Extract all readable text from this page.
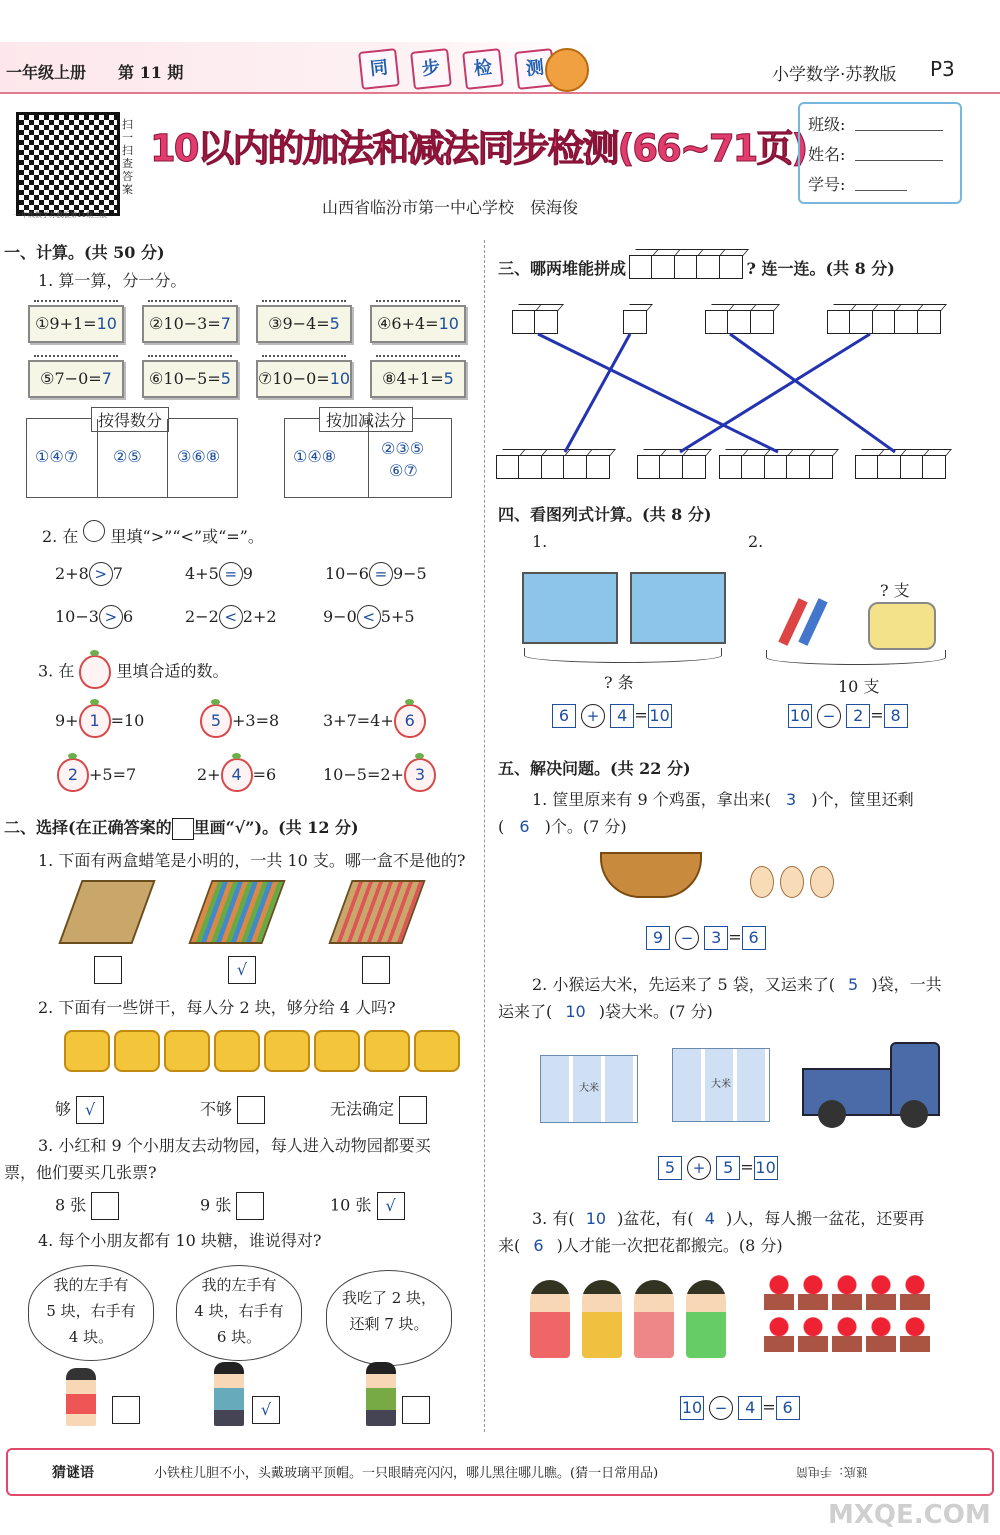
一年级上册 第 11 期	同	步	检	测	小学数学·苏教版 P3
扫
一
扫
查答案
一年级数学苏教版第11期三版
10以内的加法和减法同步检测(66~71页)
山西省临汾市第一中心学校　侯海俊
班级:
姓名:
学号:
一、计算。(共 50 分)
1. 算一算，分一分。
①9+1=10	②10−3=7	③9−4=5	④6+4=10
⑤7−0=7	⑥10−5=5	⑦10−0=10	⑧4+1=5
按得数分
①④⑦ ②⑤ ③⑥⑧
按加减法分
①④⑧	②③⑤
⑥⑦
2. 在 里填“>”“<”或“=”。
2+8 > 7	4+5 = 9	10−6 = 9−5
10−3 > 6	2−2 < 2+2	9−0 < 5+5
3. 在	里填合适的数。
9+ 1 =10	5 +3=8	3+7=4+ 6
2 +5=7	2+ 4 =6	10−5=2+ 3
二、选择(在正确答案的 里画“√”)。(共 12 分)
1. 下面有两盒蜡笔是小明的，一共 10 支。哪一盒不是他的?
√
2. 下面有一些饼干，每人分 2 块，够分给 4 人吗?
够 √	不够	无法确定
3. 小红和 9 个小朋友去动物园，每人进入动物园都要买
票，他们要买几张票?
8 张	9 张	10 张 √
4. 每个小朋友都有 10 块糖，谁说得对?
我的左手有
5 块，右手有
4 块。
我的左手有
4 块，右手有
6 块。
我吃了 2 块，
还剩 7 块。
√
三、哪两堆能拼成	? 连一连。(共 8 分)
四、看图列式计算。(共 8 分)
1.	2.
? 条
? 支
10 支
6 + 4 = 10	10 − 2 = 8
五、解决问题。(共 22 分)
1. 筐里原来有 9 个鸡蛋，拿出来( 3 )个，筐里还剩
( 6 )个。(7 分)
9 − 3 = 6
2. 小猴运大米，先运来了 5 袋，又运来了( 5 )袋，一共
运来了( 10 )袋大米。(7 分)
大米	大米
5 + 5 = 10
3. 有( 10 )盆花，有( 4 )人，每人搬一盆花，还要再
来( 6 )人才能一次把花都搬完。(8 分)
10 − 4 = 6
猜谜语	小铁柱儿胆不小，头戴玻璃平顶帽。一只眼睛亮闪闪，哪儿黑往哪儿瞧。(猜一日常用品)	谜底：手电筒
MXQE.COM
